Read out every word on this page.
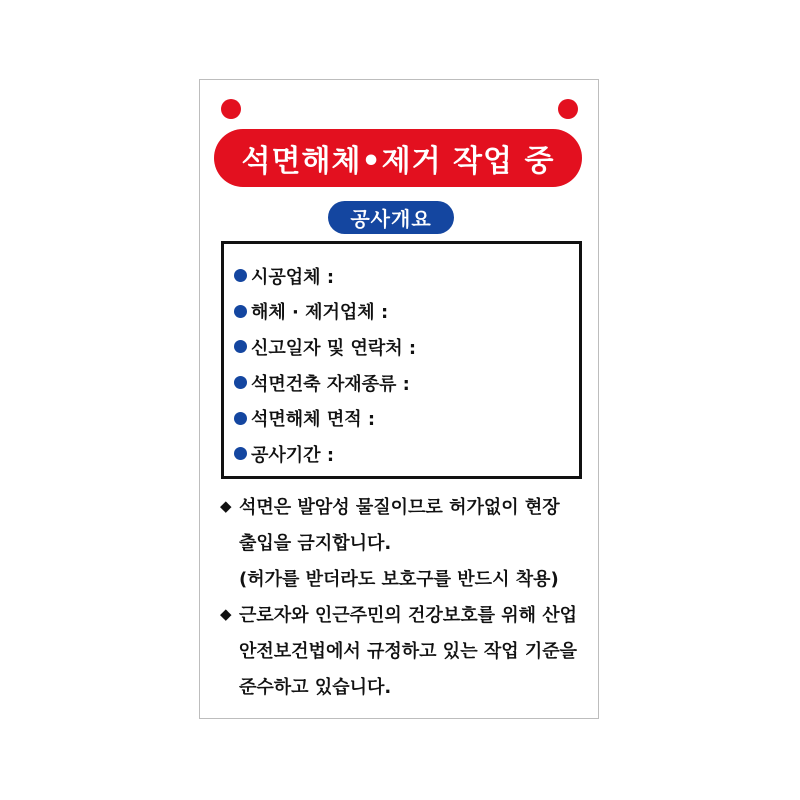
석면해체•제거 작업 중
공사개요
시공업체 :
해체 · 제거업체 :
신고일자 및 연락처 :
석면건축 자재종류 :
석면해체 면적 :
공사기간 :
◆ 석면은 발암성 물질이므로 허가없이 현장
출입을 금지합니다.
(허가를 받더라도 보호구를 반드시 착용)
◆ 근로자와 인근주민의 건강보호를 위해 산업
안전보건법에서 규정하고 있는 작업 기준을
준수하고 있습니다.
